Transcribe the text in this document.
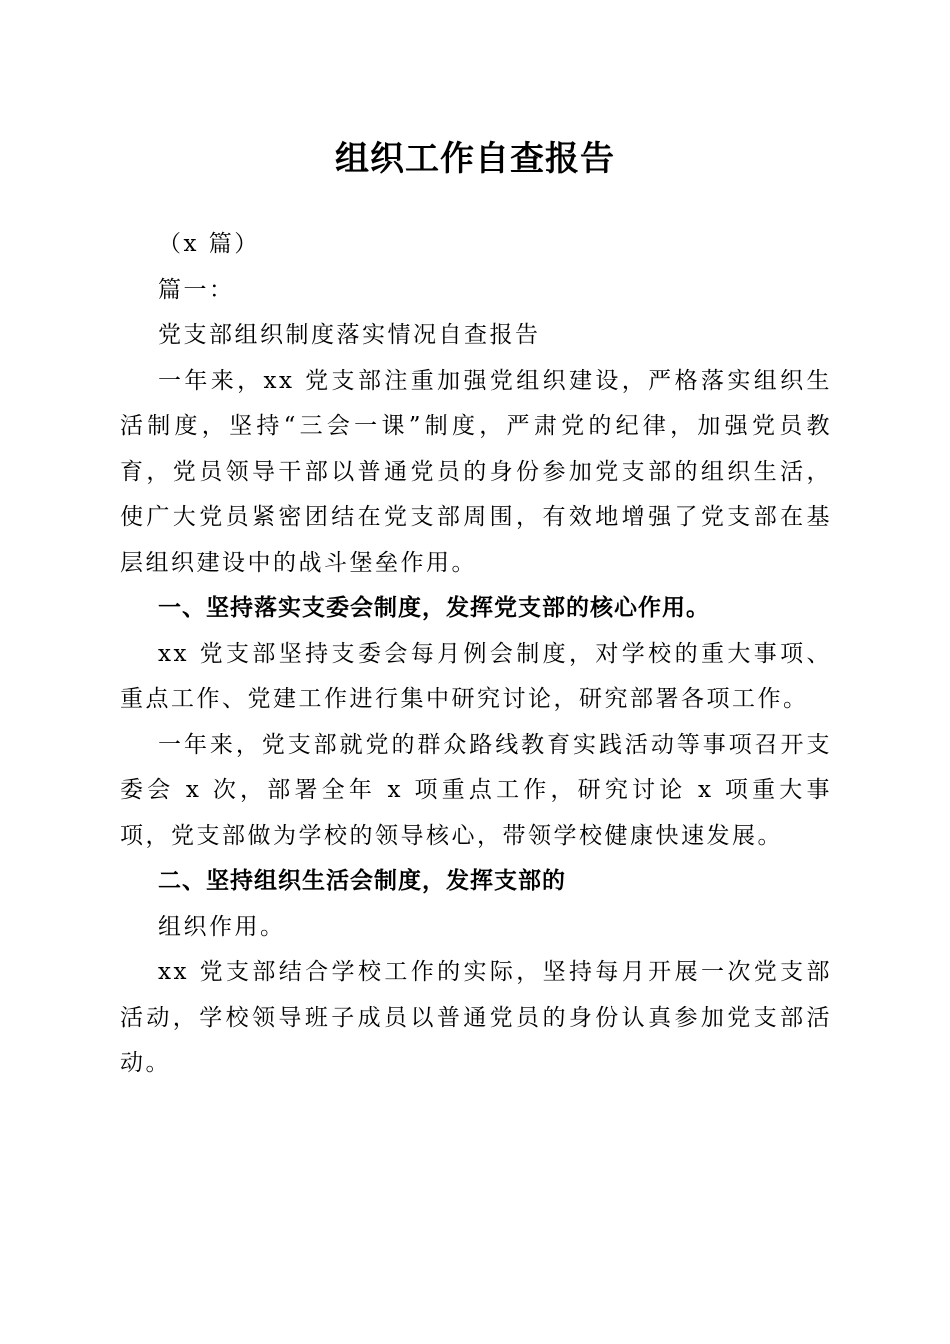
组织工作自查报告

（x 篇）

篇一：

党支部组织制度落实情况自查报告

一年来，xx 党支部注重加强党组织建设，严格落实组织生活制度，坚持“三会一课”制度，严肃党的纪律，加强党员教育，党员领导干部以普通党员的身份参加党支部的组织生活，使广大党员紧密团结在党支部周围，有效地增强了党支部在基层组织建设中的战斗堡垒作用。

一、坚持落实支委会制度，发挥党支部的核心作用。

xx 党支部坚持支委会每月例会制度，对学校的重大事项、重点工作、党建工作进行集中研究讨论，研究部署各项工作。

一年来，党支部就党的群众路线教育实践活动等事项召开支委会 x 次，部署全年 x 项重点工作，研究讨论 x 项重大事项，党支部做为学校的领导核心，带领学校健康快速发展。

二、坚持组织生活会制度，发挥支部的

组织作用。

xx 党支部结合学校工作的实际，坚持每月开展一次党支部活动，学校领导班子成员以普通党员的身份认真参加党支部活动。
